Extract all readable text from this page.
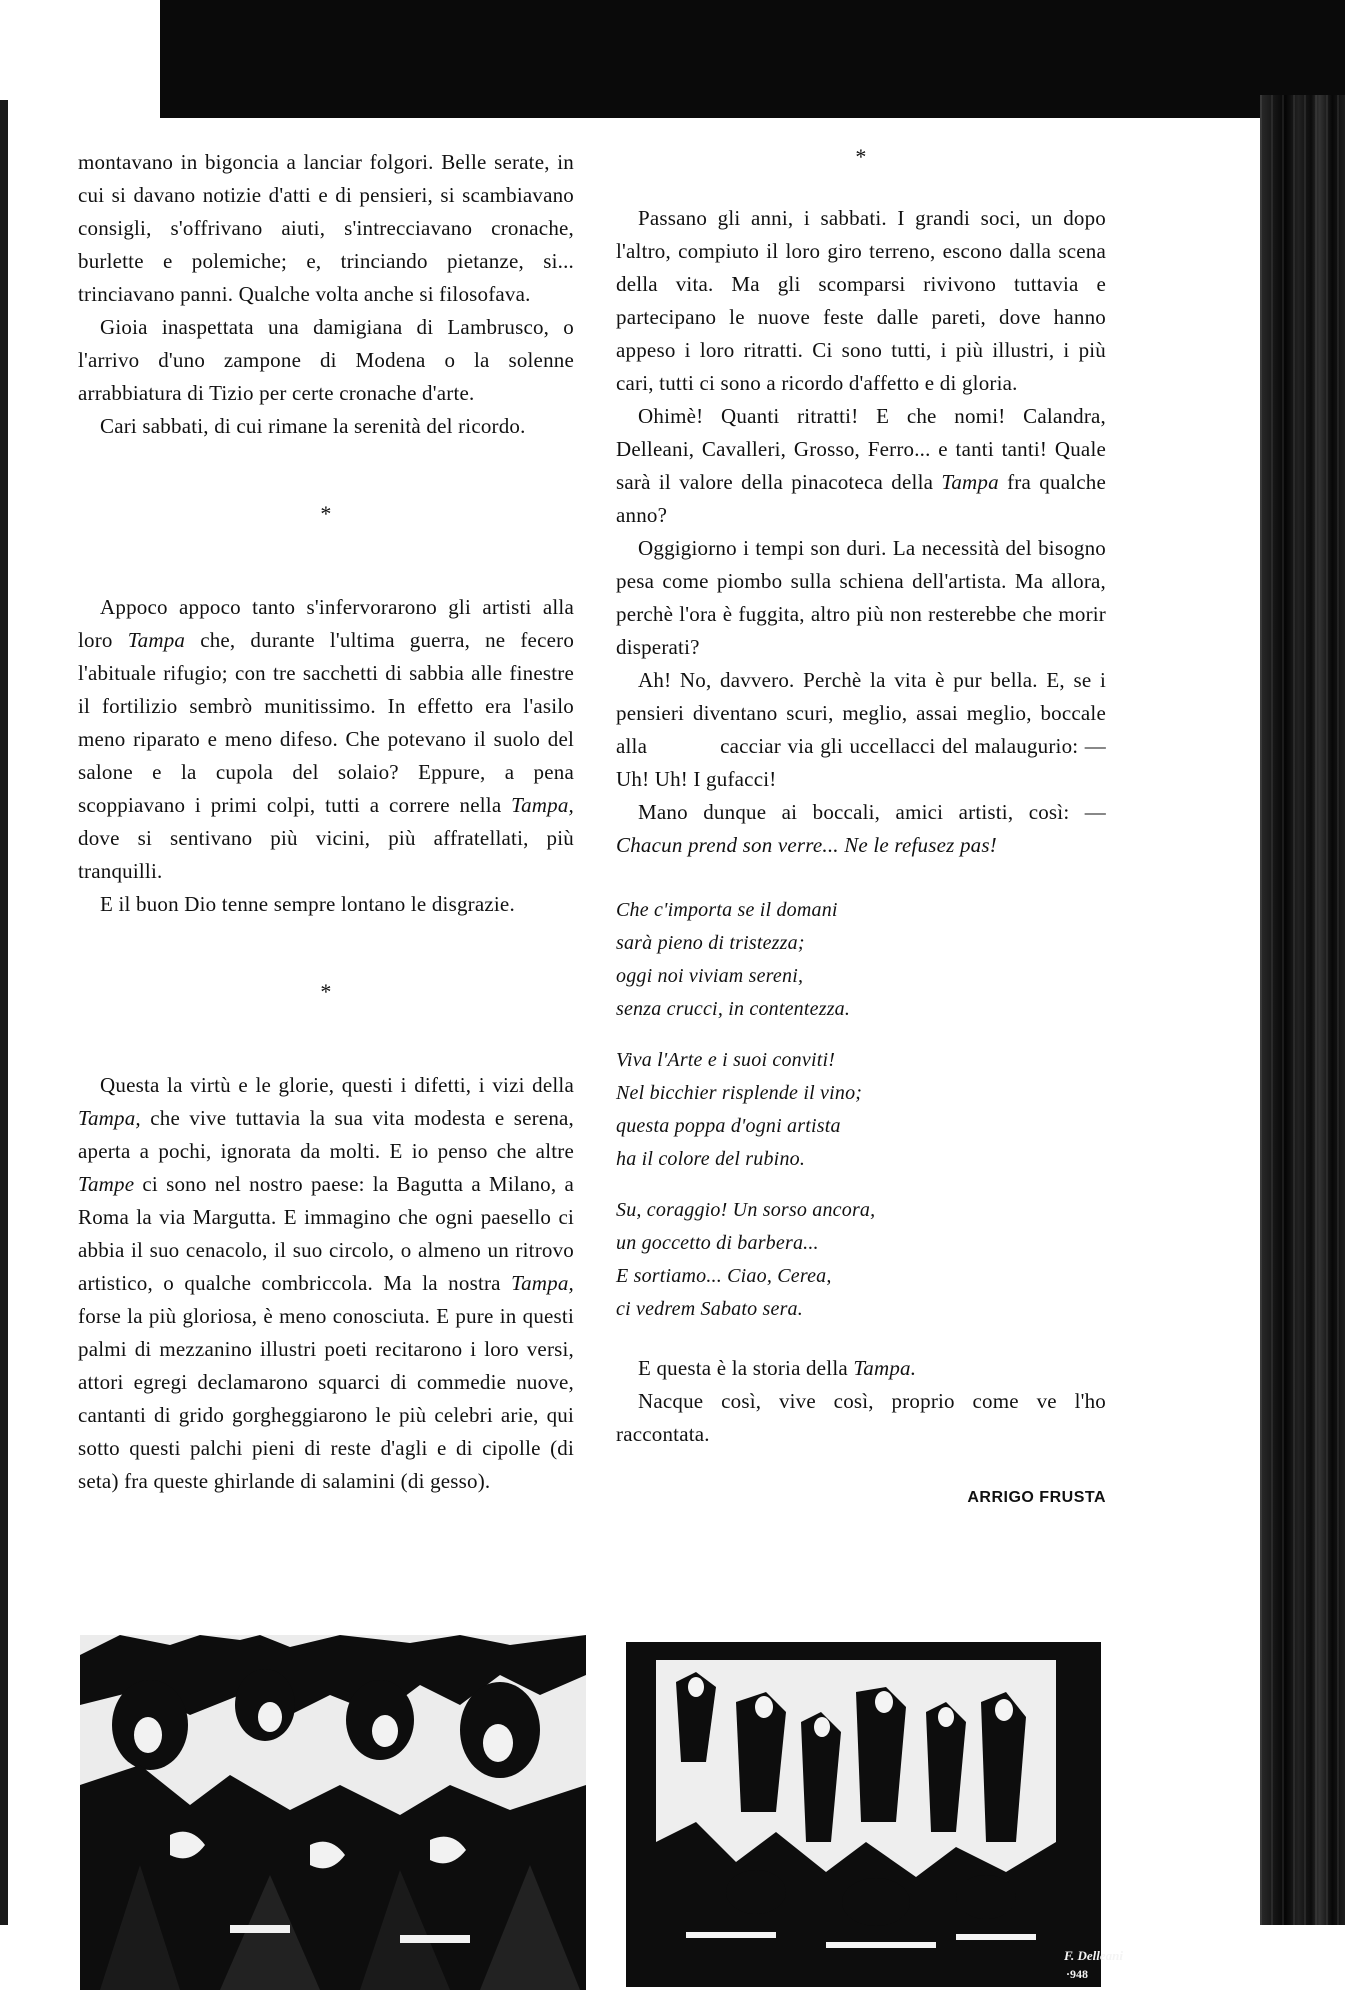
montavano in bigoncia a lanciar folgori. Belle serate, in cui si davano notizie d'atti e di pensieri, si scambiavano consigli, s'offrivano aiuti, s'intrecciavano cronache, burlette e polemiche; e, trinciando pietanze, si... trinciavano panni. Qualche volta anche si filosofava.

Gioia inaspettata una damigiana di Lambrusco, o l'arrivo d'uno zampone di Modena o la solenne arrabbiatura di Tizio per certe cronache d'arte.

Cari sabbati, di cui rimane la serenità del ricordo.

*

Appoco appoco tanto s'infervorarono gli artisti alla loro Tampa che, durante l'ultima guerra, ne fecero l'abituale rifugio; con tre sacchetti di sabbia alle finestre il fortilizio sembrò munitissimo. In effetto era l'asilo meno riparato e meno difeso. Che potevano il suolo del salone e la cupola del solaio? Eppure, a pena scoppiavano i primi colpi, tutti a correre nella Tampa, dove si sentivano più vicini, più affratellati, più tranquilli.

E il buon Dio tenne sempre lontano le disgrazie.

*

Questa la virtù e le glorie, questi i difetti, i vizi della Tampa, che vive tuttavia la sua vita modesta e serena, aperta a pochi, ignorata da molti. E io penso che altre Tampe ci sono nel nostro paese: la Bagutta a Milano, a Roma la via Margutta. E immagino che ogni paesello ci abbia il suo cenacolo, il suo circolo, o almeno un ritrovo artistico, o qualche combriccola. Ma la nostra Tampa, forse la più gloriosa, è meno conosciuta. E pure in questi palmi di mezzanino illustri poeti recitarono i loro versi, attori egregi declamarono squarci di commedie nuove, cantanti di grido gorgheggiarono le più celebri arie, qui sotto questi palchi pieni di reste d'agli e di cipolle (di seta) fra queste ghirlande di salamini (di gesso).

*

Passano gli anni, i sabbati. I grandi soci, un dopo l'altro, compiuto il loro giro terreno, escono dalla scena della vita. Ma gli scomparsi rivivono tuttavia e partecipano le nuove feste dalle pareti, dove hanno appeso i loro ritratti. Ci sono tutti, i più illustri, i più cari, tutti ci sono a ricordo d'affetto e di gloria.

Ohimè! Quanti ritratti! E che nomi! Calandra, Delleani, Cavalleri, Grosso, Ferro... e tanti tanti! Quale sarà il valore della pinacoteca della Tampa fra qualche anno?

Oggigiorno i tempi son duri. La necessità del bisogno pesa come piombo sulla schiena dell'artista. Ma allora, perchè l'ora è fuggita, altro più non resterebbe che morir disperati?

Ah! No, davvero. Perchè la vita è pur bella. E, se i pensieri diventano scuri, meglio, assai meglio, boccale alla	cacciar via gli uccellacci del malaugurio: — Uh! Uh! I gufacci!

Mano dunque ai boccali, amici artisti, così: — Chacun prend son verre... Ne le refusez pas!

Che c'importa se il domani
sarà pieno di tristezza;
oggi noi viviam sereni,
senza crucci, in contentezza.
Viva l'Arte e i suoi conviti!
Nel bicchier risplende il vino;
questa poppa d'ogni artista
ha il colore del rubino.
Su, coraggio! Un sorso ancora,
un goccetto di barbera...
E sortiamo... Ciao, Cerea,
ci vedrem Sabato sera.

E questa è la storia della Tampa.

Nacque così, vive così, proprio come ve l'ho raccontata.

ARRIGO FRUSTA
F. Delleani
·948
